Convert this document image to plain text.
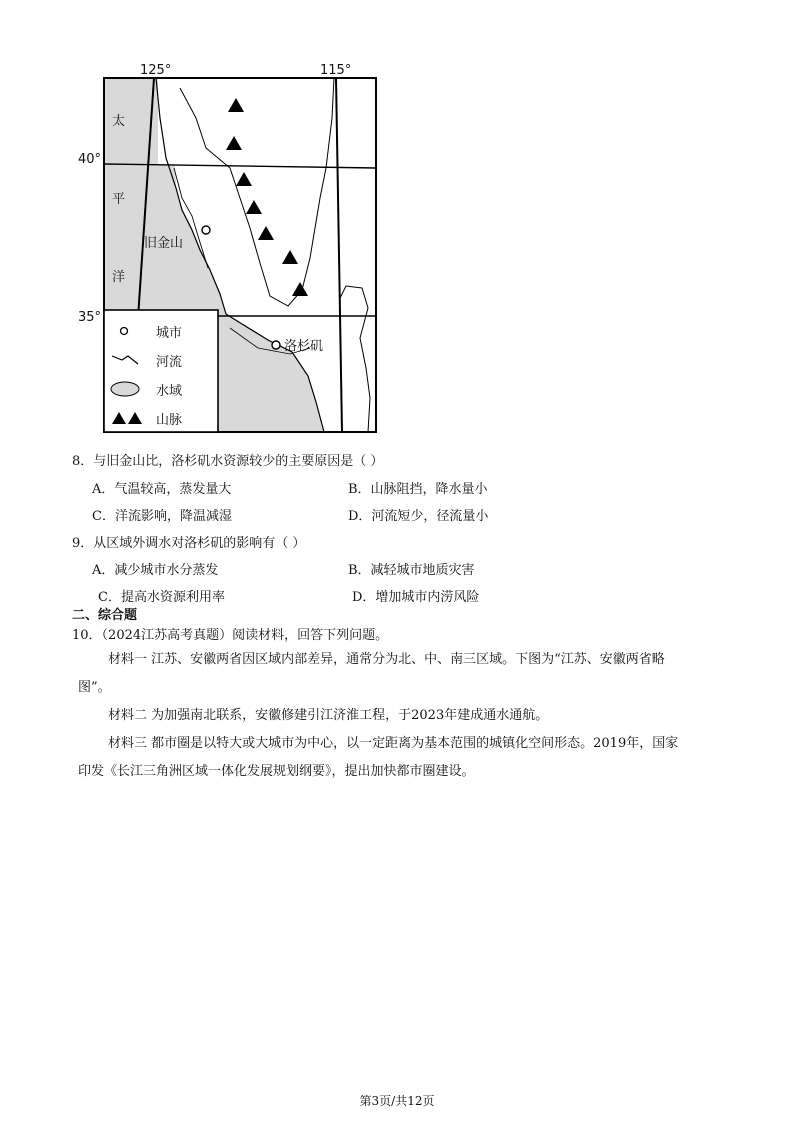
125°	115°
40°
35°
太
平
洋
旧金山
洛杉矶
城市
河流
水域
山脉
8．与旧金山比，洛杉矶水资源较少的主要原因是（ ）
A．气温较高，蒸发量大	B．山脉阻挡，降水量小
C．洋流影响，降温减湿	D．河流短少，径流量小
9．从区域外调水对洛杉矶的影响有（ ）
A．减少城市水分蒸发	B．减轻城市地质灾害
C．提高水资源利用率	D．增加城市内涝风险
二、综合题
10．（2024江苏高考真题）阅读材料，回答下列问题。
材料一 江苏、安徽两省因区域内部差异，通常分为北、中、南三区域。下图为“江苏、安徽两省略
图”。
材料二 为加强南北联系，安徽修建引江济淮工程，于2023年建成通水通航。
材料三 都市圈是以特大或大城市为中心，以一定距离为基本范围的城镇化空间形态。2019年，国家
印发《长江三角洲区域一体化发展规划纲要》，提出加快都市圈建设。
第3页/共12页
